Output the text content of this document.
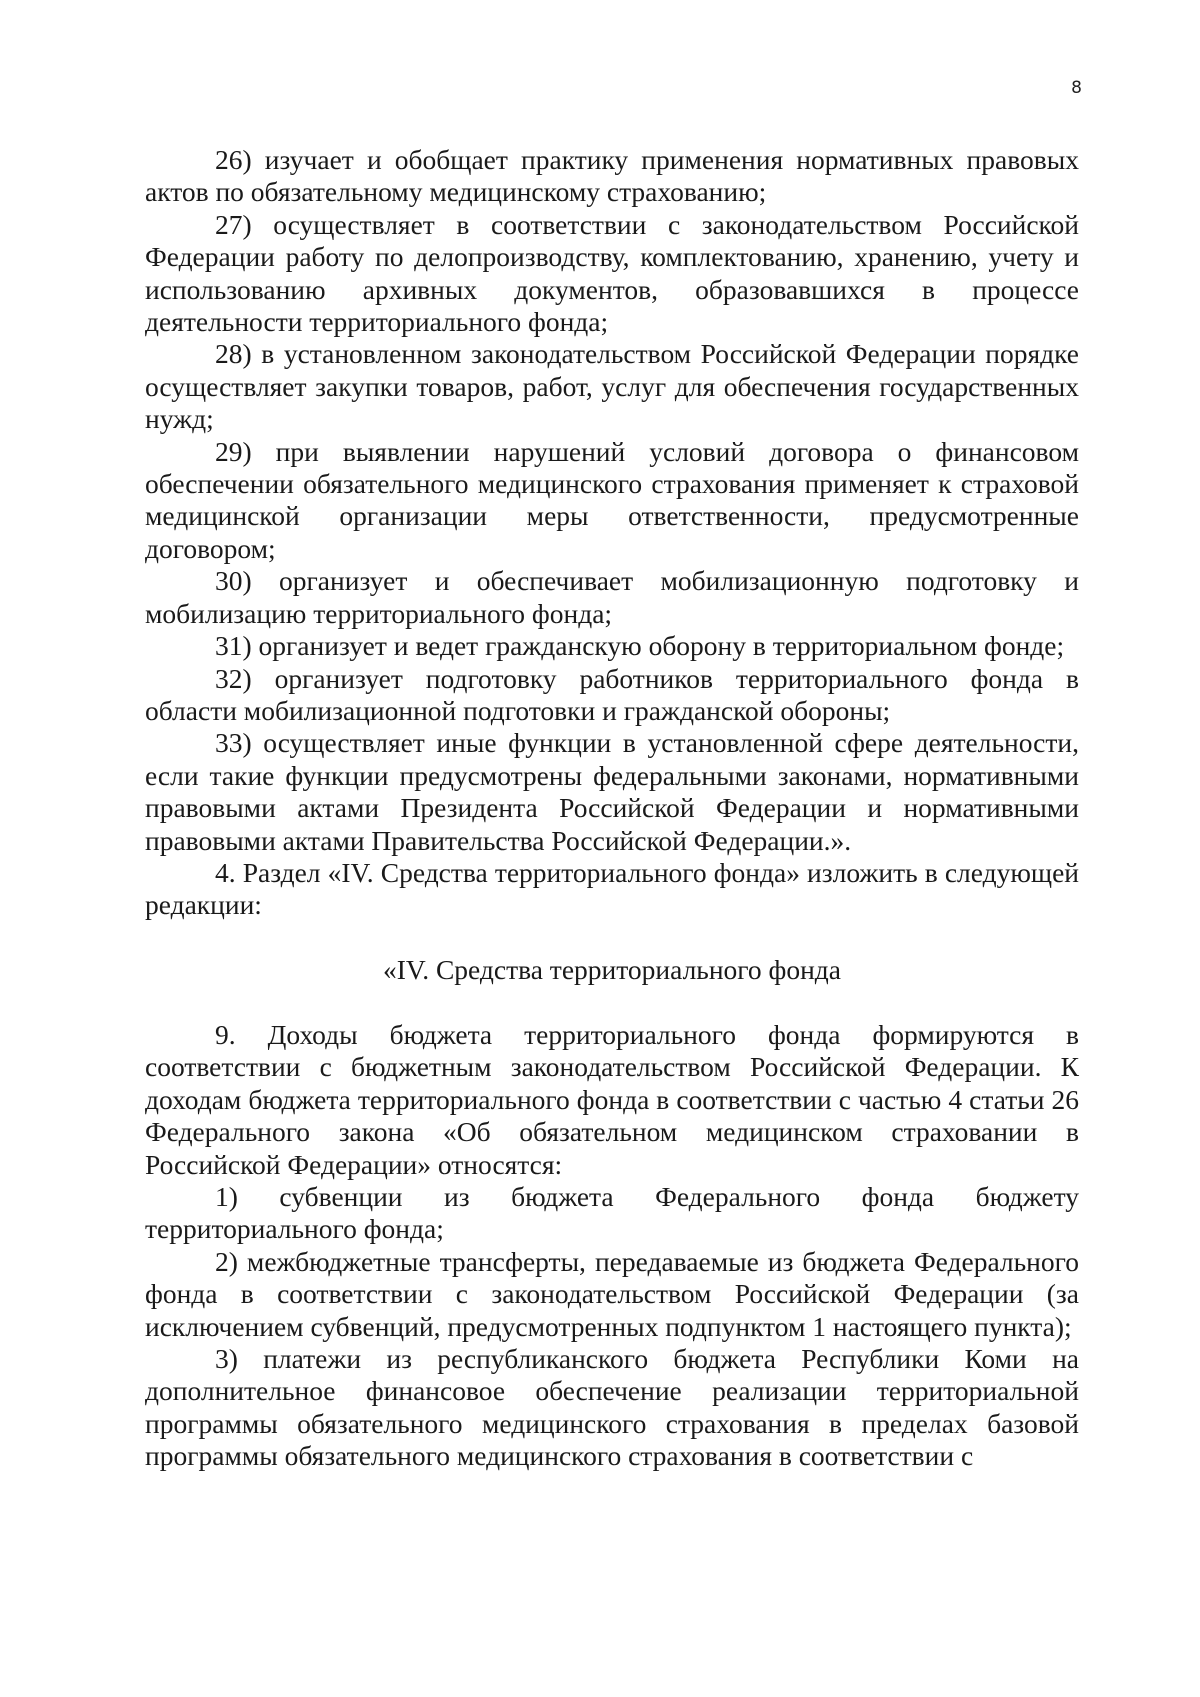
8

26) изучает и обобщает практику применения нормативных правовых актов по обязательному медицинскому страхованию;

27) осуществляет в соответствии с законодательством Российской Федерации работу по делопроизводству, комплектованию, хранению, учету и использованию архивных документов, образовавшихся в процессе деятельности территориального фонда;

28) в установленном законодательством Российской Федерации порядке осуществляет закупки товаров, работ, услуг для обеспечения государственных нужд;

29) при выявлении нарушений условий договора о финансовом обеспечении обязательного медицинского страхования применяет к страховой медицинской организации меры ответственности, предусмотренные договором;

30) организует и обеспечивает мобилизационную подготовку и мобилизацию территориального фонда;

31) организует и ведет гражданскую оборону в территориальном фонде;

32) организует подготовку работников территориального фонда в области мобилизационной подготовки и гражданской обороны;

33) осуществляет иные функции в установленной сфере деятельности, если такие функции предусмотрены федеральными законами, нормативными правовыми актами Президента Российской Федерации и нормативными правовыми актами Правительства Российской Федерации.».

4. Раздел «IV. Средства территориального фонда» изложить в следующей редакции:

«IV. Средства территориального фонда

9. Доходы бюджета территориального фонда формируются в соответствии с бюджетным законодательством Российской Федерации. К доходам бюджета территориального фонда в соответствии с частью 4 статьи 26 Федерального закона «Об обязательном медицинском страховании в Российской Федерации» относятся:

1) субвенции из бюджета Федерального фонда бюджету территориального фонда;

2) межбюджетные трансферты, передаваемые из бюджета Федерального фонда в соответствии с законодательством Российской Федерации (за исключением субвенций, предусмотренных подпунктом 1 настоящего пункта);

3) платежи из республиканского бюджета Республики Коми на дополнительное финансовое обеспечение реализации территориальной программы обязательного медицинского страхования в пределах базовой программы обязательного медицинского страхования в соответствии с
